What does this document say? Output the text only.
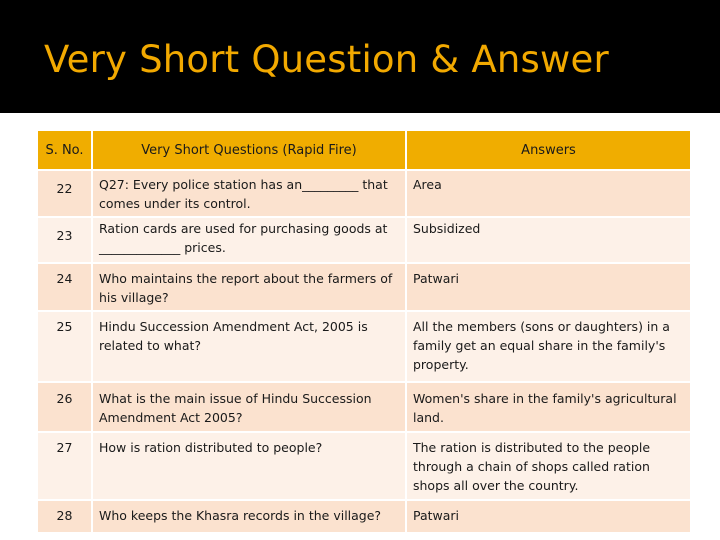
Very Short Question & Answer
S. No.	Very Short Questions (Rapid Fire)	Answers
22	Q27: Every police station has an_________ that comes under its control.	Area
23	Ration cards are used for purchasing goods at _____________ prices.	Subsidized
24	Who maintains the report about the farmers of his village?	Patwari
25	Hindu Succession Amendment Act, 2005 is related to what?	All the members (sons or daughters) in a family get an equal share in the family's property.
26	What is the main issue of Hindu Succession Amendment Act 2005?	Women's share in the family's agricultural land.
27	How is ration distributed to people?	The ration is distributed to the people through a chain of shops called ration shops all over the country.
28	Who keeps the Khasra records in the village?	Patwari
